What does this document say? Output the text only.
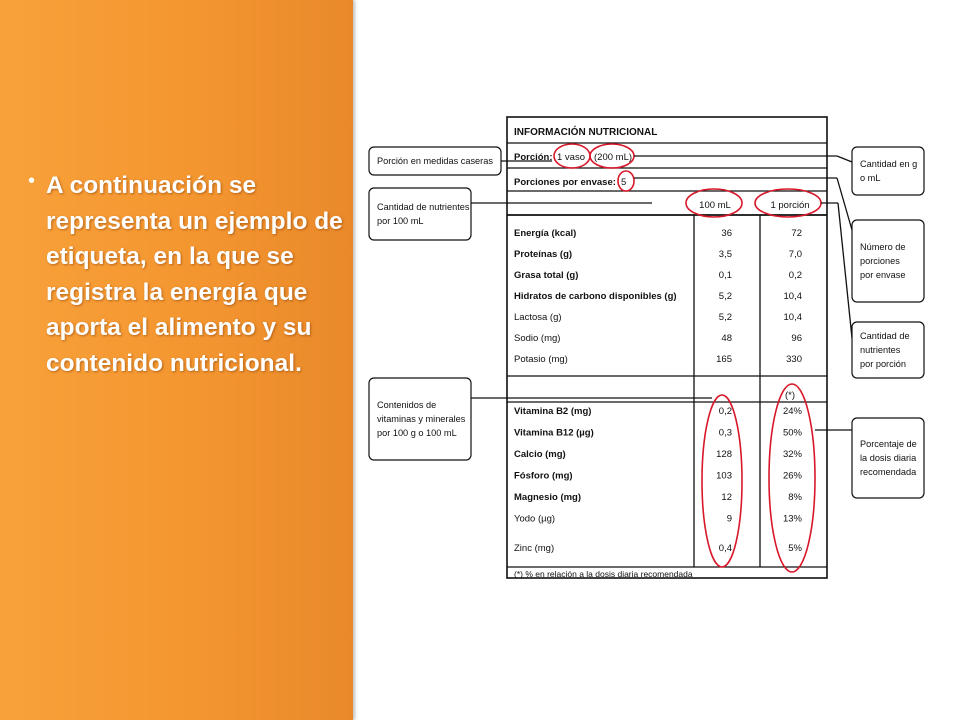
• A continuación se representa un ejemplo de etiqueta, en la que se registra la energía que aporta el alimento y su contenido nutricional.
INFORMACIÓN NUTRICIONAL
Porción: 1 vaso (200 mL)
Porciones por envase: 5
100 mL	1 porción
Energía (kcal)	36	72
Proteínas (g)	3,5	7,0
Grasa total (g)	0,1	0,2
Hidratos de carbono disponibles (g)	5,2	10,4
Lactosa (g)	5,2	10,4
Sodio (mg)	48	96
Potasio (mg)	165	330
(*)
Vitamina B2 (mg)	0,2	24%
Vitamina B12 (µg)	0,3	50%
Calcio (mg)	128	32%
Fósforo (mg)	103	26%
Magnesio (mg)	12	8%
Yodo (µg)	9	13%
Zinc (mg)	0,4	5%
(*) % en relación a la dosis diaria recomendada
Porción en medidas caseras
Cantidad de nutrientes
por 100 mL
Contenidos de
vitaminas y minerales
por 100 g o 100 mL
Cantidad en g
o mL
Número de
porciones
por envase
Cantidad de
nutrientes
por porción
Porcentaje de
la dosis diaria
recomendada
